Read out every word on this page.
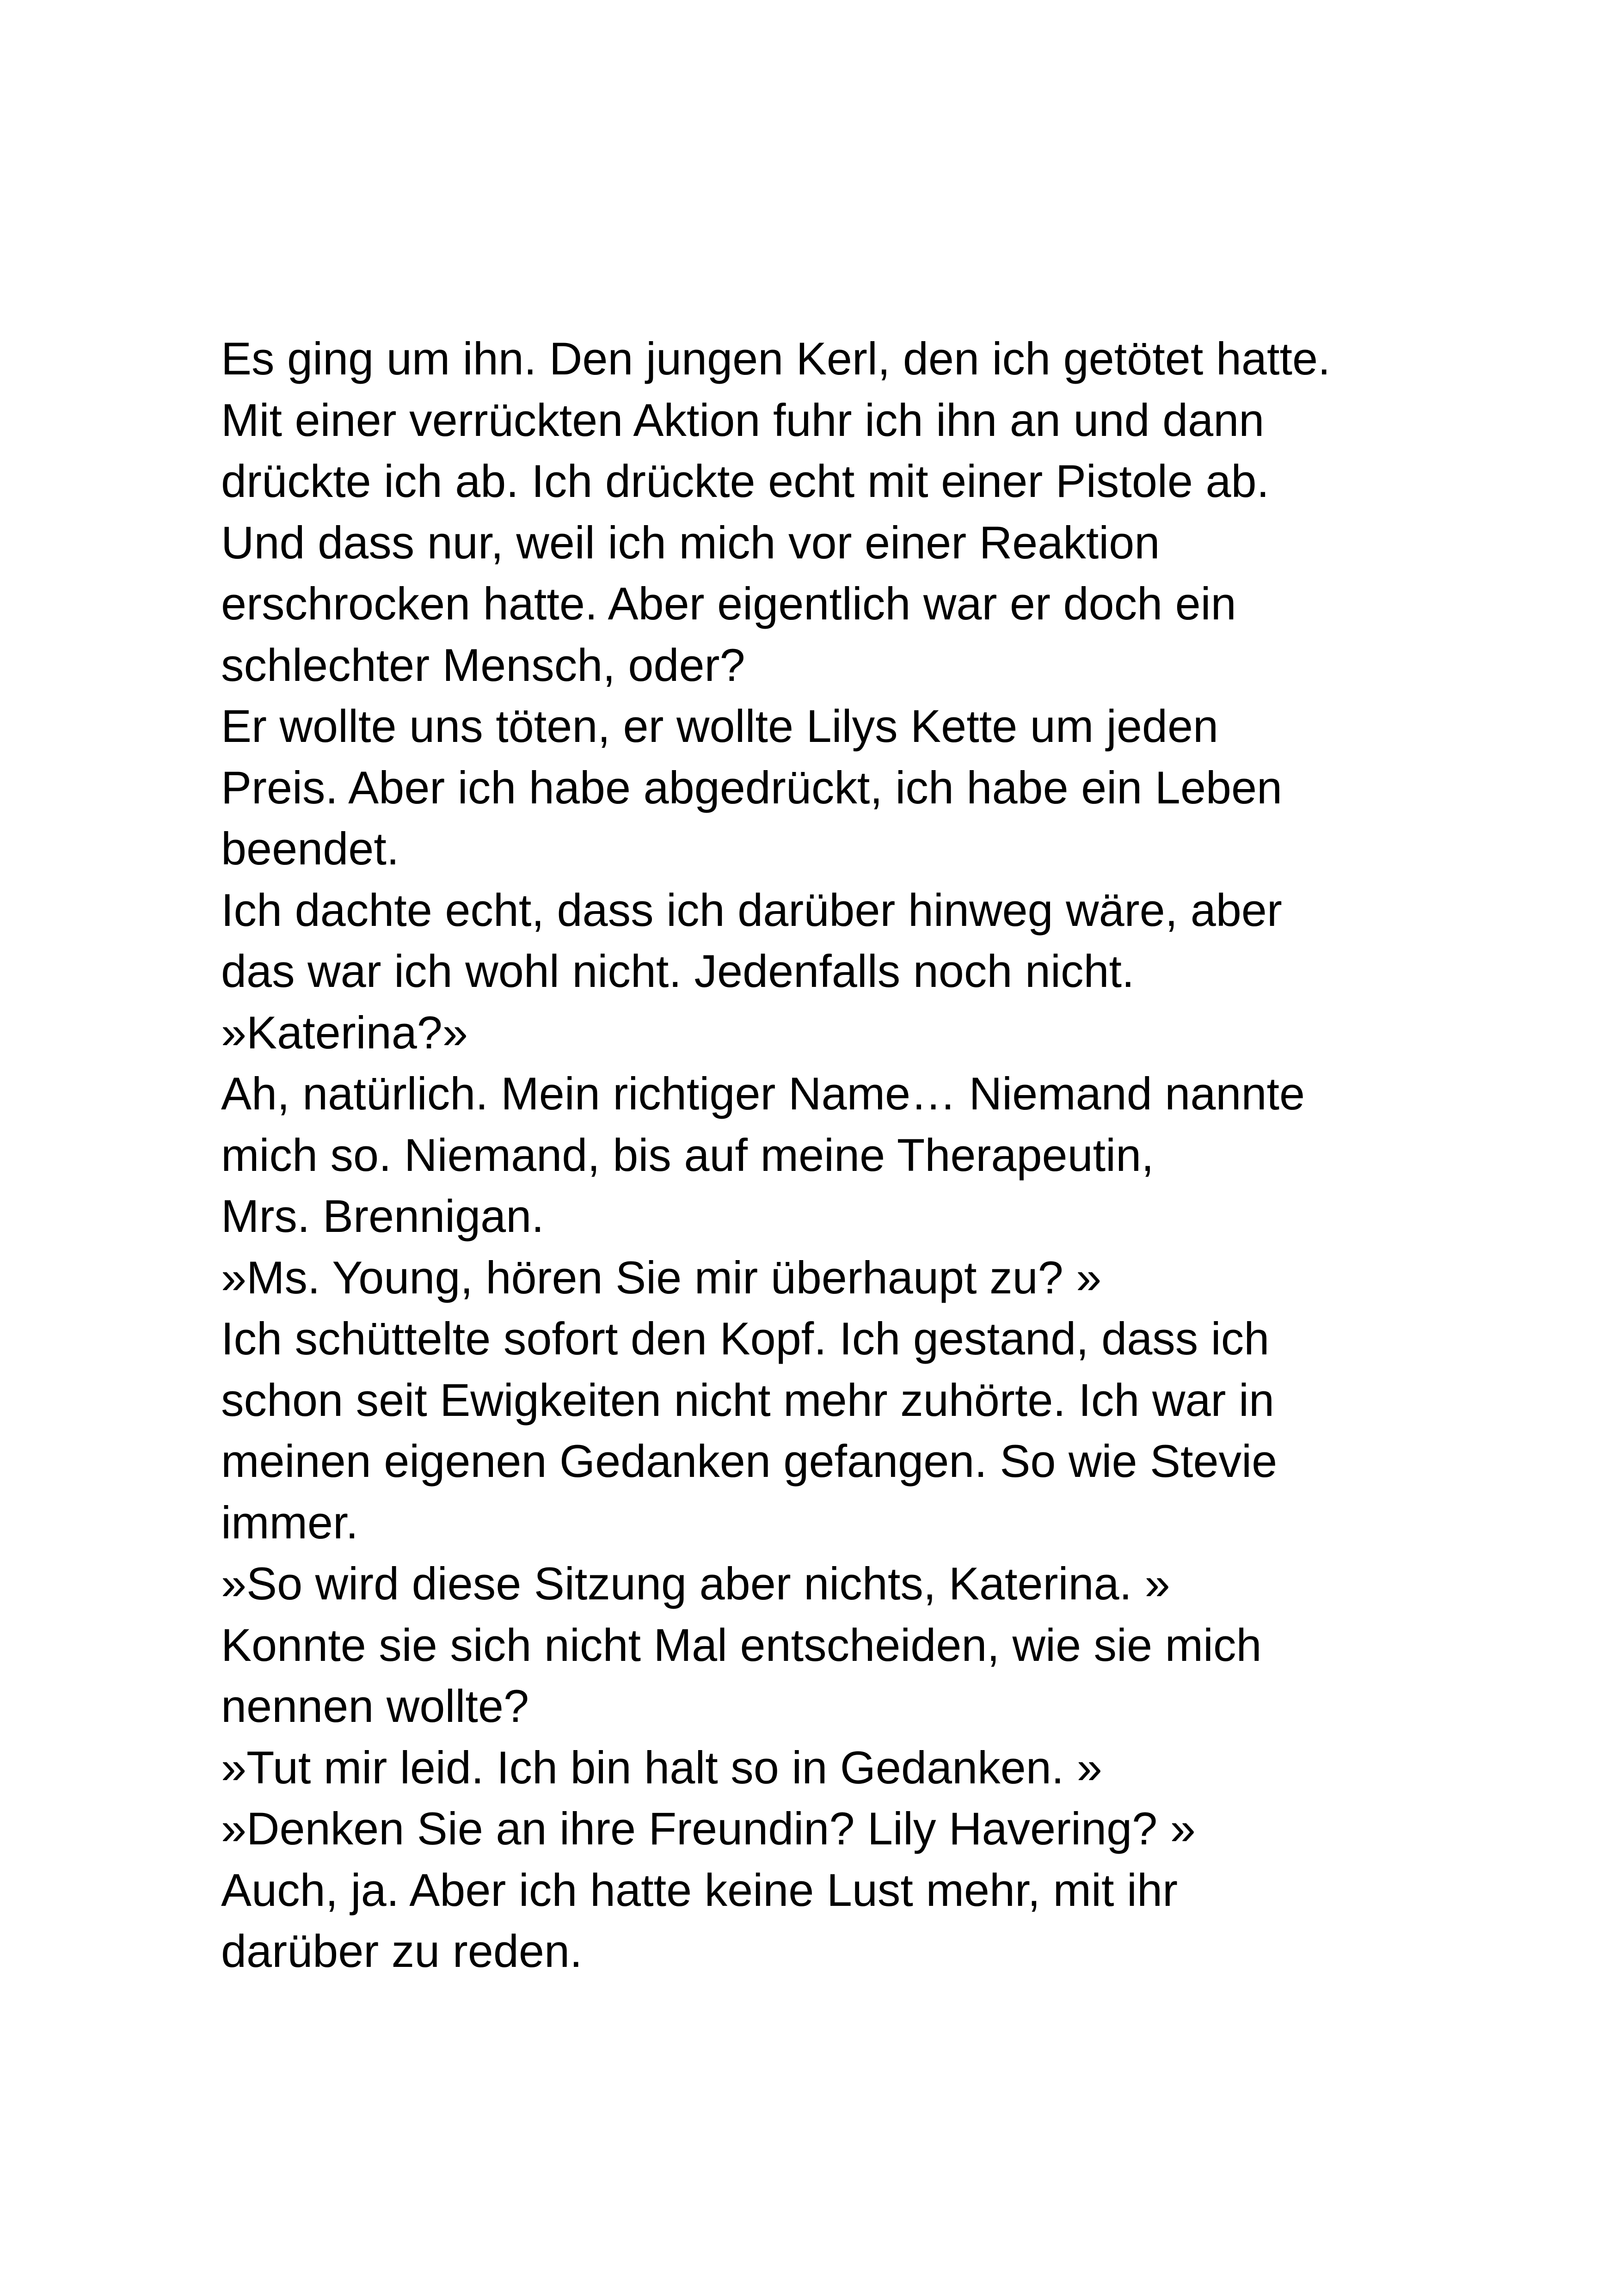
Es ging um ihn. Den jungen Kerl, den ich getötet hatte.
Mit einer verrückten Aktion fuhr ich ihn an und dann
drückte ich ab. Ich drückte echt mit einer Pistole ab.
Und dass nur, weil ich mich vor einer Reaktion
erschrocken hatte. Aber eigentlich war er doch ein
schlechter Mensch, oder?
Er wollte uns töten, er wollte Lilys Kette um jeden
Preis. Aber ich habe abgedrückt, ich habe ein Leben
beendet.
Ich dachte echt, dass ich darüber hinweg wäre, aber
das war ich wohl nicht. Jedenfalls noch nicht.
»Katerina?»
Ah, natürlich. Mein richtiger Name… Niemand nannte
mich so. Niemand, bis auf meine Therapeutin,
Mrs. Brennigan.
»Ms. Young, hören Sie mir überhaupt zu? »
Ich schüttelte sofort den Kopf. Ich gestand, dass ich
schon seit Ewigkeiten nicht mehr zuhörte. Ich war in
meinen eigenen Gedanken gefangen. So wie Stevie
immer.
»So wird diese Sitzung aber nichts, Katerina. »
Konnte sie sich nicht Mal entscheiden, wie sie mich
nennen wollte?
»Tut mir leid. Ich bin halt so in Gedanken. »
»Denken Sie an ihre Freundin? Lily Havering? »
Auch, ja. Aber ich hatte keine Lust mehr, mit ihr
darüber zu reden.
